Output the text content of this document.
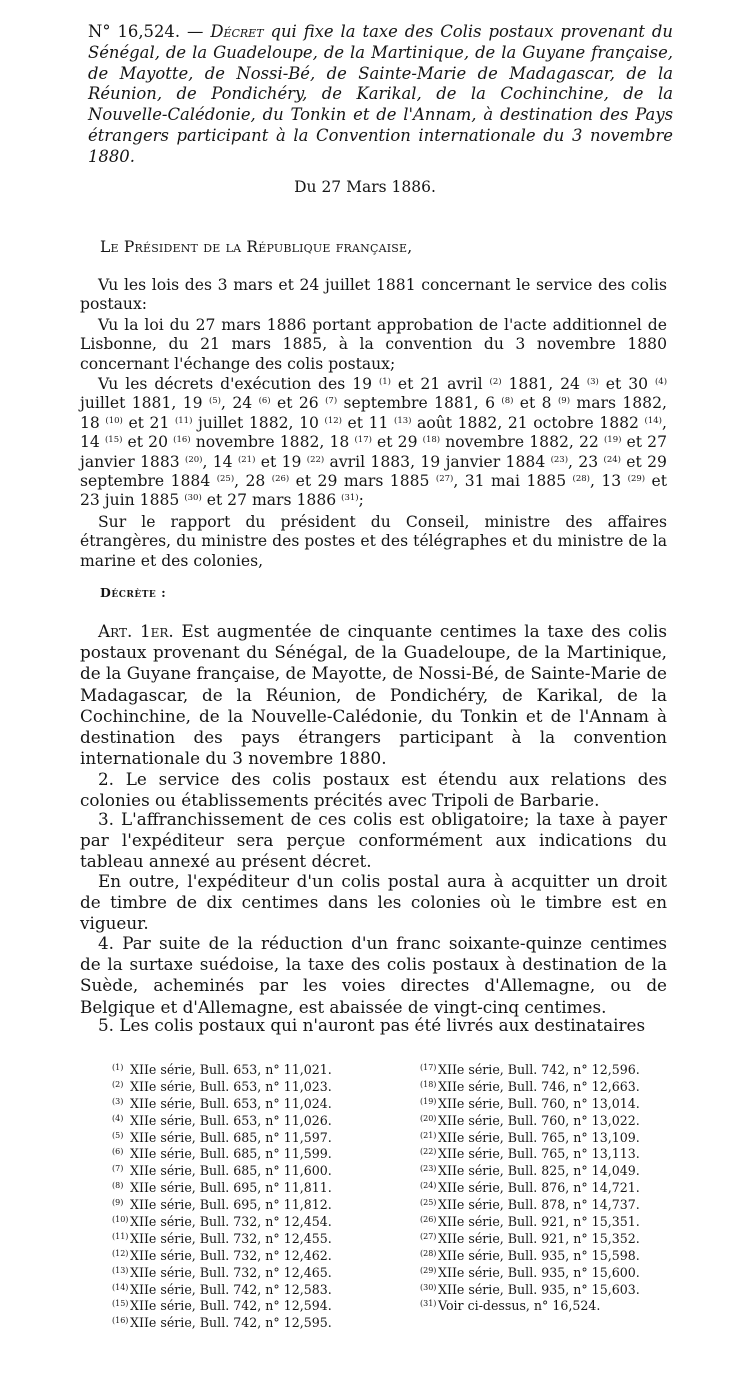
N° 16,524. — Décret qui fixe la taxe des Colis postaux provenant du Sénégal, de la Guadeloupe, de la Martinique, de la Guyane française, de Mayotte, de Nossi-Bé, de Sainte-Marie de Madagascar, de la Réunion, de Pondichéry, de Karikal, de la Cochinchine, de la Nouvelle-Calédonie, du Tonkin et de l'Annam, à destination des Pays étrangers participant à la Convention internationale du 3 novembre 1880.
Du 27 Mars 1886.
Le Président de la République française,

Vu les lois des 3 mars et 24 juillet 1881 concernant le service des colis postaux:

Vu la loi du 27 mars 1886 portant approbation de l'acte additionnel de Lisbonne, du 21 mars 1885, à la convention du 3 novembre 1880 concernant l'échange des colis postaux;

Vu les décrets d'exécution des 19 $^{(1)}$ et 21 avril $^{(2)}$ 1881, 24 $^{(3)}$ et 30 $^{(4)}$ juillet 1881, 19 $^{(5)}$, 24 $^{(6)}$ et 26 $^{(7)}$ septembre 1881, 6 $^{(8)}$ et 8 $^{(9)}$ mars 1882, 18 $^{(10)}$ et 21 $^{(11)}$ juillet 1882, 10 $^{(12)}$ et 11 $^{(13)}$ août 1882, 21 octobre 1882 $^{(14)}$, 14 $^{(15)}$ et 20 $^{(16)}$ novembre 1882, 18 $^{(17)}$ et 29 $^{(18)}$ novembre 1882, 22 $^{(19)}$ et 27 janvier 1883 $^{(20)}$, 14 $^{(21)}$ et 19 $^{(22)}$ avril 1883, 19 janvier 1884 $^{(23)}$, 23 $^{(24)}$ et 29 septembre 1884 $^{(25)}$, 28 $^{(26)}$ et 29 mars 1885 $^{(27)}$, 31 mai 1885 $^{(28)}$, 13 $^{(29)}$ et 23 juin 1885 $^{(30)}$ et 27 mars 1886 $^{(31)}$;

Sur le rapport du président du Conseil, ministre des affaires étrangères, du ministre des postes et des télégraphes et du ministre de la marine et des colonies,

Décrète :

Art. 1er. Est augmentée de cinquante centimes la taxe des colis postaux provenant du Sénégal, de la Guadeloupe, de la Martinique, de la Guyane française, de Mayotte, de Nossi-Bé, de Sainte-Marie de Madagascar, de la Réunion, de Pondichéry, de Karikal, de la Cochinchine, de la Nouvelle-Calédonie, du Tonkin et de l'Annam à destination des pays étrangers participant à la convention internationale du 3 novembre 1880.

2. Le service des colis postaux est étendu aux relations des colonies ou établissements précités avec Tripoli de Barbarie.

3. L'affranchissement de ces colis est obligatoire; la taxe à payer par l'expéditeur sera perçue conformément aux indications du tableau annexé au présent décret.

En outre, l'expéditeur d'un colis postal aura à acquitter un droit de timbre de dix centimes dans les colonies où le timbre est en vigueur.

4. Par suite de la réduction d'un franc soixante-quinze centimes de la surtaxe suédoise, la taxe des colis postaux à destination de la Suède, acheminés par les voies directes d'Allemagne, ou de Belgique et d'Allemagne, est abaissée de vingt-cinq centimes.

5. Les colis postaux qui n'auront pas été livrés aux destinataires

(1) XIIe série, Bull. 653, n° 11,021.
(2) XIIe série, Bull. 653, n° 11,023.
(3) XIIe série, Bull. 653, n° 11,024.
(4) XIIe série, Bull. 653, n° 11,026.
(5) XIIe série, Bull. 685, n° 11,597.
(6) XIIe série, Bull. 685, n° 11,599.
(7) XIIe série, Bull. 685, n° 11,600.
(8) XIIe série, Bull. 695, n° 11,811.
(9) XIIe série, Bull. 695, n° 11,812.
(10) XIIe série, Bull. 732, n° 12,454.
(11) XIIe série, Bull. 732, n° 12,455.
(12) XIIe série, Bull. 732, n° 12,462.
(13) XIIe série, Bull. 732, n° 12,465.
(14) XIIe série, Bull. 742, n° 12,583.
(15) XIIe série, Bull. 742, n° 12,594.
(16) XIIe série, Bull. 742, n° 12,595.
(17) XIIe série, Bull. 742, n° 12,596.
(18) XIIe série, Bull. 746, n° 12,663.
(19) XIIe série, Bull. 760, n° 13,014.
(20) XIIe série, Bull. 760, n° 13,022.
(21) XIIe série, Bull. 765, n° 13,109.
(22) XIIe série, Bull. 765, n° 13,113.
(23) XIIe série, Bull. 825, n° 14,049.
(24) XIIe série, Bull. 876, n° 14,721.
(25) XIIe série, Bull. 878, n° 14,737.
(26) XIIe série, Bull. 921, n° 15,351.
(27) XIIe série, Bull. 921, n° 15,352.
(28) XIIe série, Bull. 935, n° 15,598.
(29) XIIe série, Bull. 935, n° 15,600.
(30) XIIe série, Bull. 935, n° 15,603.
(31) Voir ci-dessus, n° 16,524.
